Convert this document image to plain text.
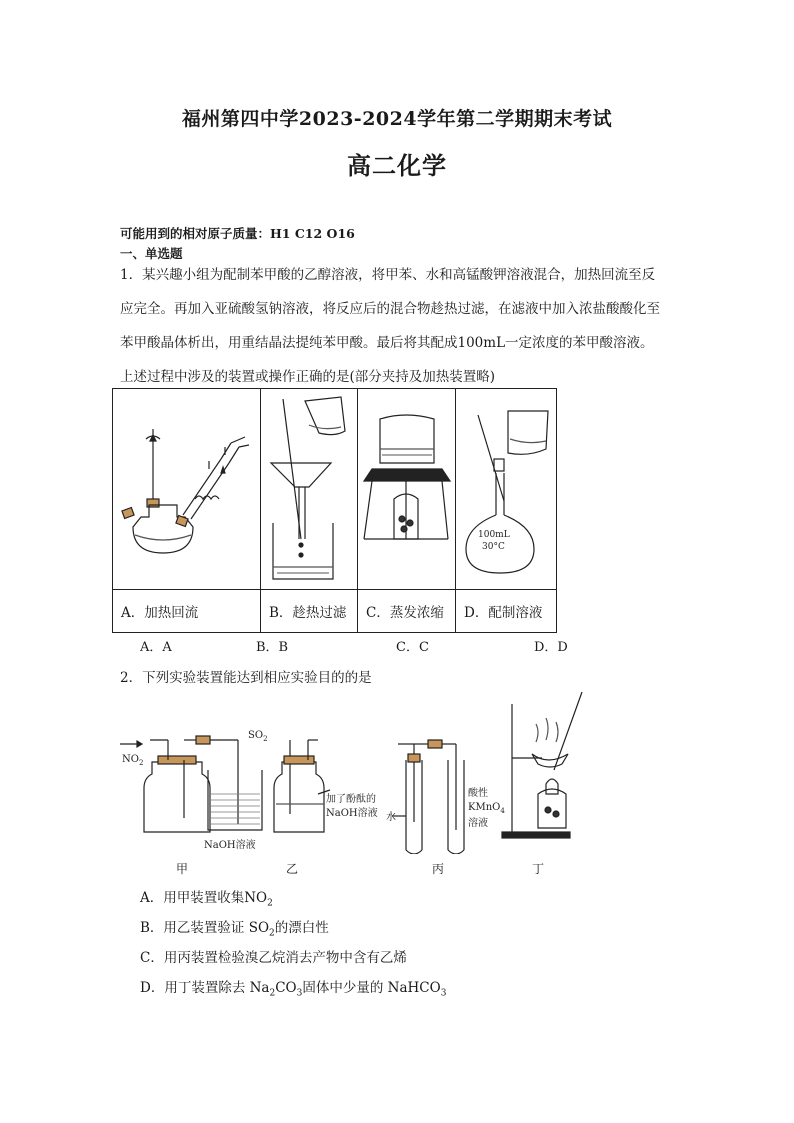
福州第四中学2023-2024学年第二学期期末考试
高二化学
可能用到的相对原子质量：H1 C12 O16
一、单选题
1．某兴趣小组为配制苯甲酸的乙醇溶液，将甲苯、水和高锰酸钾溶液混合，加热回流至反
应完全。再加入亚硫酸氢钠溶液，将反应后的混合物趁热过滤，在滤液中加入浓盐酸酸化至
苯甲酸晶体析出，用重结晶法提纯苯甲酸。最后将其配成100mL一定浓度的苯甲酸溶液。
上述过程中涉及的装置或操作正确的是(部分夹持及加热装置略)

100mL
30°C

A．加热回流	B．趁热过滤	C．蒸发浓缩	D．配制溶液
A．A	B．B	C．C	D．D
2．下列实验装置能达到相应实验目的的是
$NO_2$
$SO_2$
NaOH溶液
加了酚酞的
NaOH溶液 水
酸性
KMnO$_4$
溶液
甲	乙	丙	丁
A．用甲装置收集$NO_2$
B．用乙装置验证 $SO_2$的漂白性
C．用丙装置检验溴乙烷消去产物中含有乙烯
D．用丁装置除去 $Na_2CO_3$固体中少量的 NaHCO$_3$
